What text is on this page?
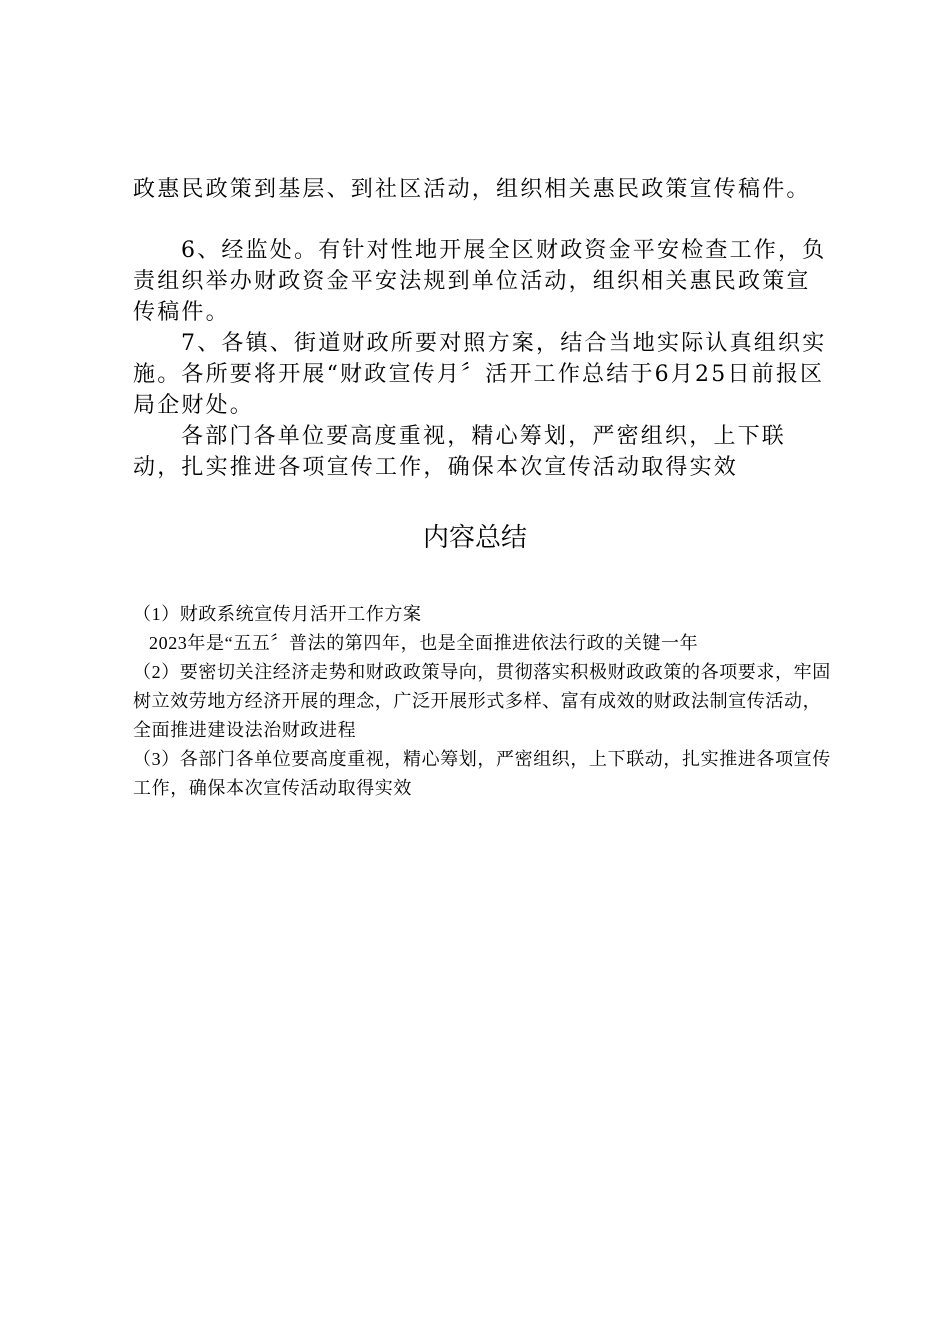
政惠民政策到基层、到社区活动，组织相关惠民政策宣传稿件。
6、经监处。有针对性地开展全区财政资金平安检查工作，负责组织举办财政资金平安法规到单位活动，组织相关惠民政策宣传稿件。
7、各镇、街道财政所要对照方案，结合当地实际认真组织实施。各所要将开展“财政宣传月〞活开工作总结于6月25日前报区局企财处。
各部门各单位要高度重视，精心筹划，严密组织，上下联动，扎实推进各项宣传工作，确保本次宣传活动取得实效
内容总结

（1）财政系统宣传月活开工作方案

2023年是“五五〞普法的第四年，也是全面推进依法行政的关键一年

（2）要密切关注经济走势和财政政策导向，贯彻落实积极财政政策的各项要求，牢固树立效劳地方经济开展的理念，广泛开展形式多样、富有成效的财政法制宣传活动，全面推进建设法治财政进程

（3）各部门各单位要高度重视，精心筹划，严密组织，上下联动，扎实推进各项宣传工作，确保本次宣传活动取得实效
